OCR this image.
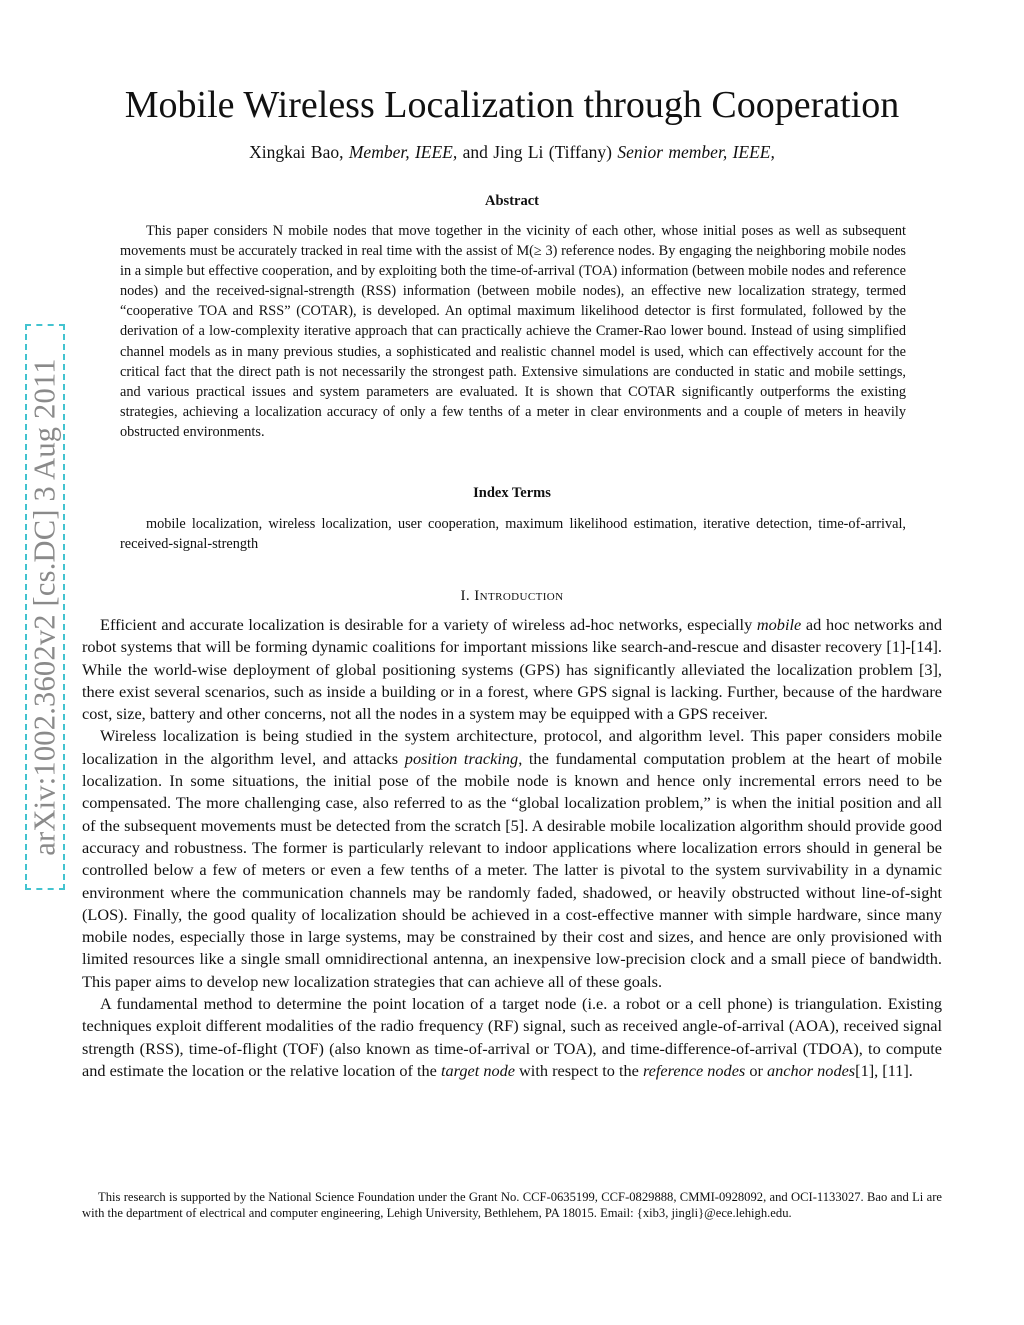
arXiv:1002.3602v2 [cs.DC] 3 Aug 2011
Mobile Wireless Localization through Cooperation
Xingkai Bao, Member, IEEE, and Jing Li (Tiffany) Senior member, IEEE,
Abstract
This paper considers N mobile nodes that move together in the vicinity of each other, whose initial poses as well as subsequent movements must be accurately tracked in real time with the assist of M(≥ 3) reference nodes. By engaging the neighboring mobile nodes in a simple but effective cooperation, and by exploiting both the time-of-arrival (TOA) information (between mobile nodes and reference nodes) and the received-signal-strength (RSS) information (between mobile nodes), an effective new localization strategy, termed “cooperative TOA and RSS” (COTAR), is developed. An optimal maximum likelihood detector is first formulated, followed by the derivation of a low-complexity iterative approach that can practically achieve the Cramer-Rao lower bound. Instead of using simplified channel models as in many previous studies, a sophisticated and realistic channel model is used, which can effectively account for the critical fact that the direct path is not necessarily the strongest path. Extensive simulations are conducted in static and mobile settings, and various practical issues and system parameters are evaluated. It is shown that COTAR significantly outperforms the existing strategies, achieving a localization accuracy of only a few tenths of a meter in clear environments and a couple of meters in heavily obstructed environments.
Index Terms
mobile localization, wireless localization, user cooperation, maximum likelihood estimation, iterative detection, time-of-arrival, received-signal-strength
I. Introduction

Efficient and accurate localization is desirable for a variety of wireless ad-hoc networks, especially mobile ad hoc networks and robot systems that will be forming dynamic coalitions for important missions like search-and-rescue and disaster recovery [1]-[14]. While the world-wise deployment of global positioning systems (GPS) has significantly alleviated the localization problem [3], there exist several scenarios, such as inside a building or in a forest, where GPS signal is lacking. Further, because of the hardware cost, size, battery and other concerns, not all the nodes in a system may be equipped with a GPS receiver.

Wireless localization is being studied in the system architecture, protocol, and algorithm level. This paper considers mobile localization in the algorithm level, and attacks position tracking, the fundamental computation problem at the heart of mobile localization. In some situations, the initial pose of the mobile node is known and hence only incremental errors need to be compensated. The more challenging case, also referred to as the “global localization problem,” is when the initial position and all of the subsequent movements must be detected from the scratch [5]. A desirable mobile localization algorithm should provide good accuracy and robustness. The former is particularly relevant to indoor applications where localization errors should in general be controlled below a few of meters or even a few tenths of a meter. The latter is pivotal to the system survivability in a dynamic environment where the communication channels may be randomly faded, shadowed, or heavily obstructed without line-of-sight (LOS). Finally, the good quality of localization should be achieved in a cost-effective manner with simple hardware, since many mobile nodes, especially those in large systems, may be constrained by their cost and sizes, and hence are only provisioned with limited resources like a single small omnidirectional antenna, an inexpensive low-precision clock and a small piece of bandwidth. This paper aims to develop new localization strategies that can achieve all of these goals.

A fundamental method to determine the point location of a target node (i.e. a robot or a cell phone) is triangulation. Existing techniques exploit different modalities of the radio frequency (RF) signal, such as received angle-of-arrival (AOA), received signal strength (RSS), time-of-flight (TOF) (also known as time-of-arrival or TOA), and time-difference-of-arrival (TDOA), to compute and estimate the location or the relative location of the target node with respect to the reference nodes or anchor nodes[1], [11].

This research is supported by the National Science Foundation under the Grant No. CCF-0635199, CCF-0829888, CMMI-0928092, and OCI-1133027. Bao and Li are with the department of electrical and computer engineering, Lehigh University, Bethlehem, PA 18015. Email: {xib3, jingli}@ece.lehigh.edu.
